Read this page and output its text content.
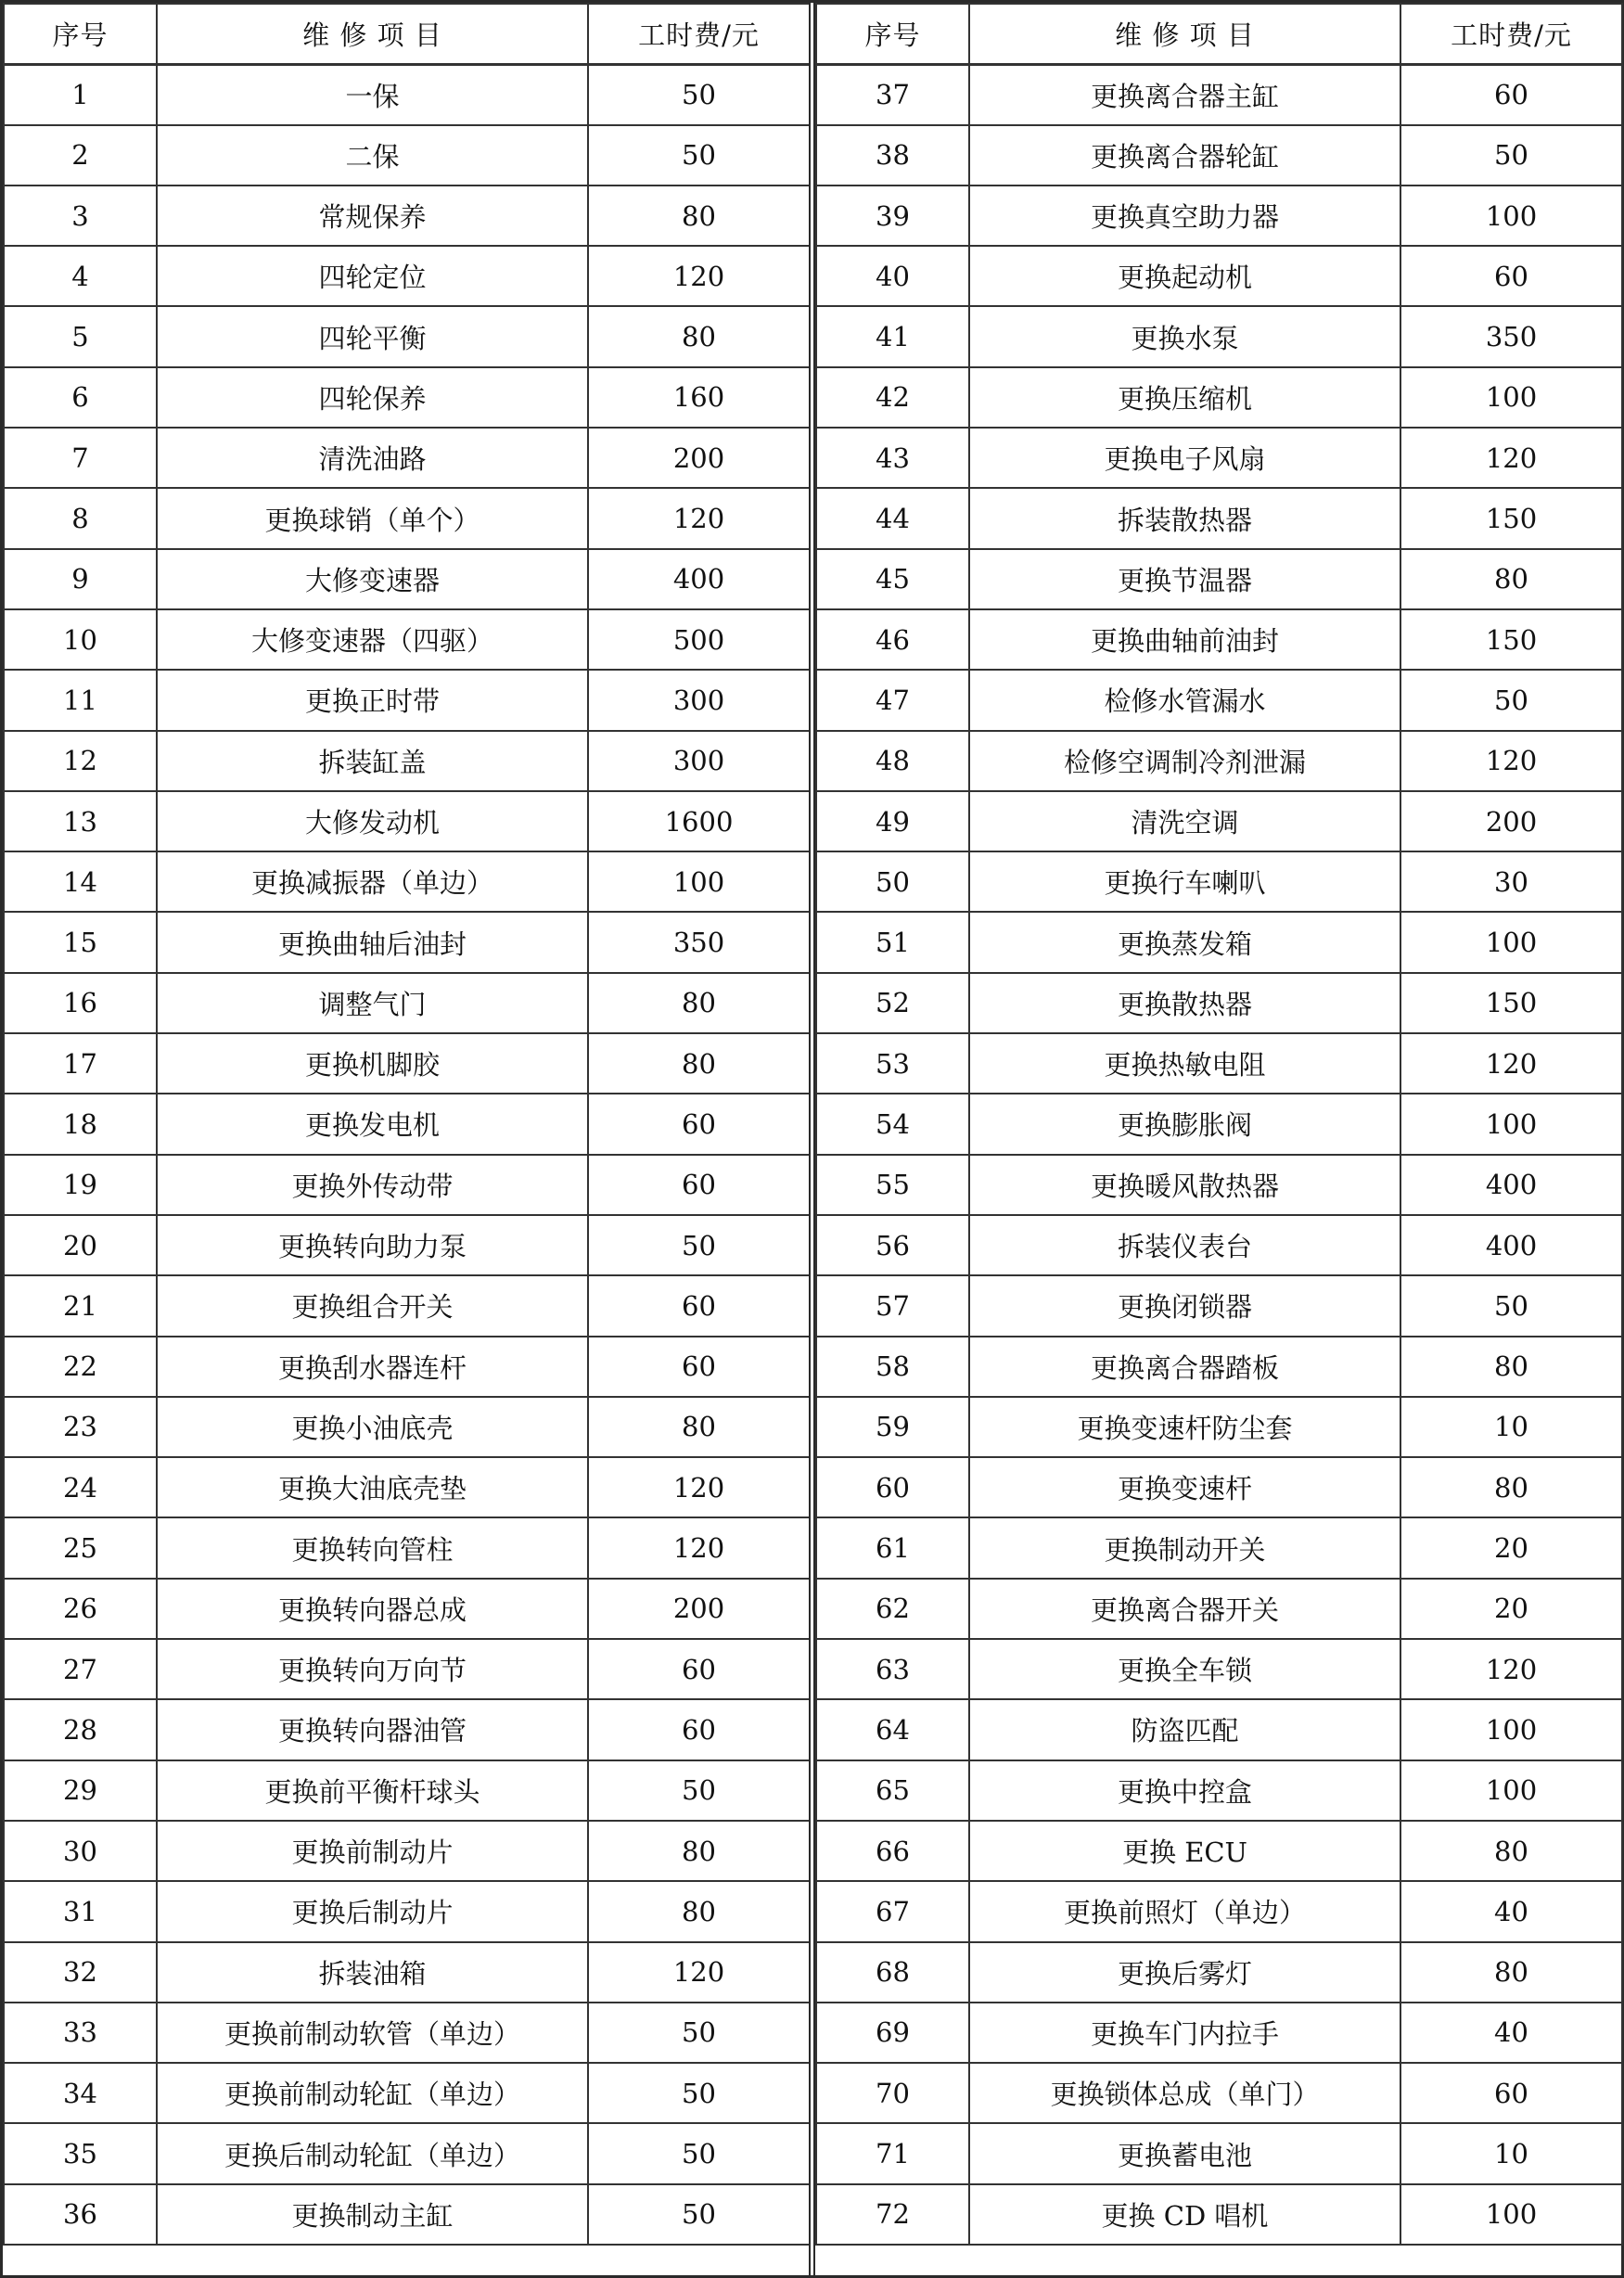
序号	维 修 项 目	工时费/元
1	一保	50
2	二保	50
3	常规保养	80
4	四轮定位	120
5	四轮平衡	80
6	四轮保养	160
7	清洗油路	200
8	更换球销（单个）	120
9	大修变速器	400
10	大修变速器（四驱）	500
11	更换正时带	300
12	拆装缸盖	300
13	大修发动机	1600
14	更换减振器（单边）	100
15	更换曲轴后油封	350
16	调整气门	80
17	更换机脚胶	80
18	更换发电机	60
19	更换外传动带	60
20	更换转向助力泵	50
21	更换组合开关	60
22	更换刮水器连杆	60
23	更换小油底壳	80
24	更换大油底壳垫	120
25	更换转向管柱	120
26	更换转向器总成	200
27	更换转向万向节	60
28	更换转向器油管	60
29	更换前平衡杆球头	50
30	更换前制动片	80
31	更换后制动片	80
32	拆装油箱	120
33	更换前制动软管（单边）	50
34	更换前制动轮缸（单边）	50
35	更换后制动轮缸（单边）	50
36	更换制动主缸	50
序号	维 修 项 目	工时费/元
37	更换离合器主缸	60
38	更换离合器轮缸	50
39	更换真空助力器	100
40	更换起动机	60
41	更换水泵	350
42	更换压缩机	100
43	更换电子风扇	120
44	拆装散热器	150
45	更换节温器	80
46	更换曲轴前油封	150
47	检修水管漏水	50
48	检修空调制冷剂泄漏	120
49	清洗空调	200
50	更换行车喇叭	30
51	更换蒸发箱	100
52	更换散热器	150
53	更换热敏电阻	120
54	更换膨胀阀	100
55	更换暖风散热器	400
56	拆装仪表台	400
57	更换闭锁器	50
58	更换离合器踏板	80
59	更换变速杆防尘套	10
60	更换变速杆	80
61	更换制动开关	20
62	更换离合器开关	20
63	更换全车锁	120
64	防盗匹配	100
65	更换中控盒	100
66	更换 ECU	80
67	更换前照灯（单边）	40
68	更换后雾灯	80
69	更换车门内拉手	40
70	更换锁体总成（单门）	60
71	更换蓄电池	10
72	更换 CD 唱机	100
